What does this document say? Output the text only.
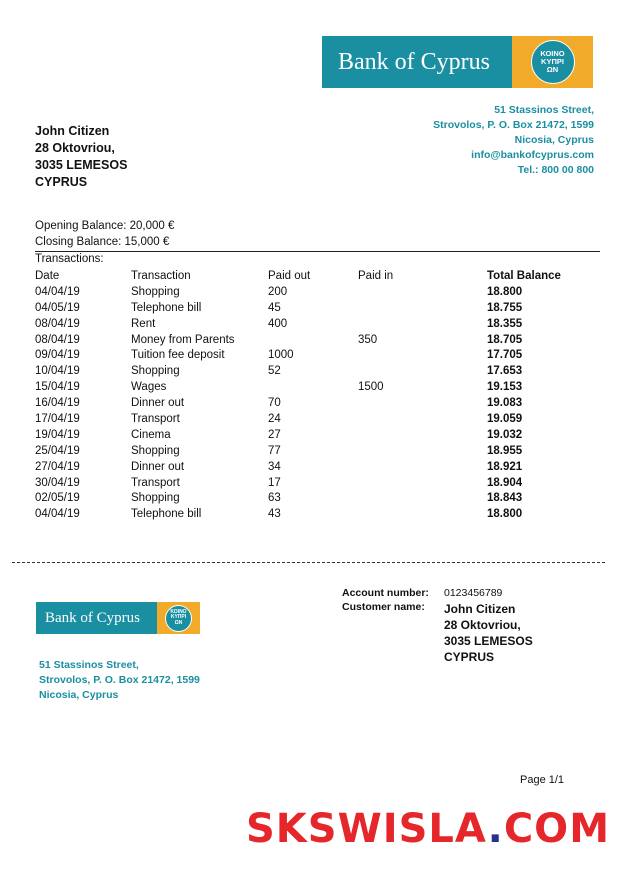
Bank of Cyprus	ΚΟΙΝΟ
ΚΥΠΡΙ
ΩΝ
51 Stassinos Street,
Strovolos, P. O. Box 21472, 1599
Nicosia, Cyprus
info@bankofcyprus.com
Tel.: 800 00 800
John Citizen
28 Oktovriou,
3035 LEMESOS
CYPRUS
Opening Balance: 20,000 €
Closing Balance: 15,000 €
Transactions:
Date	Transaction	Paid out	Paid in	Total Balance
04/04/19	Shopping	200		18.800
04/05/19	Telephone bill	45		18.755
08/04/19	Rent	400		18.355
08/04/19	Money from Parents		350	18.705
09/04/19	Tuition fee deposit	1000		17.705
10/04/19	Shopping	52		17.653
15/04/19	Wages		1500	19.153
16/04/19	Dinner out	70		19.083
17/04/19	Transport	24		19.059
19/04/19	Cinema	27		19.032
25/04/19	Shopping	77		18.955
27/04/19	Dinner out	34		18.921
30/04/19	Transport	17		18.904
02/05/19	Shopping	63		18.843
04/04/19	Telephone bill	43		18.800
Bank of Cyprus	ΚΟΙΝΟ
ΚΥΠΡΙ
ΩΝ
51 Stassinos Street,
Strovolos, P. O. Box 21472, 1599
Nicosia, Cyprus
Account number: 0123456789
Customer name: John Citizen
28 Oktovriou,
3035 LEMESOS
CYPRUS
Page 1/1
SKSWISLA.COM
